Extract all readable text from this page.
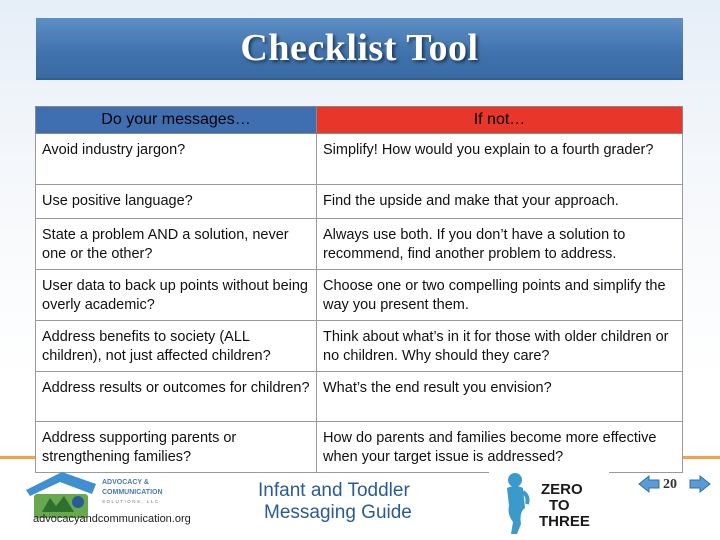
Checklist Tool
Do your messages…	If not…
Avoid industry jargon?	Simplify! How would you explain to a fourth grader?
Use positive language?	Find the upside and make that your approach.
State a problem AND a solution, never one or the other?	Always use both. If you don’t have a solution to recommend, find another problem to address.
User data to back up points without being overly academic?	Choose one or two compelling points and simplify the way you present them.
Address benefits to society (ALL children), not just affected children?	Think about what’s in it for those with older children or no children. Why should they care?
Address results or outcomes for children?	What’s the end result you envision?
Address supporting parents or strengthening families?	How do parents and families become more effective when your target issue is addressed?
ADVOCACY &
COMMUNICATION
SOLUTIONS, LLC
advocacyandcommunication.org
Infant and Toddler
Messaging Guide
ZERO
TO
THREE
20
